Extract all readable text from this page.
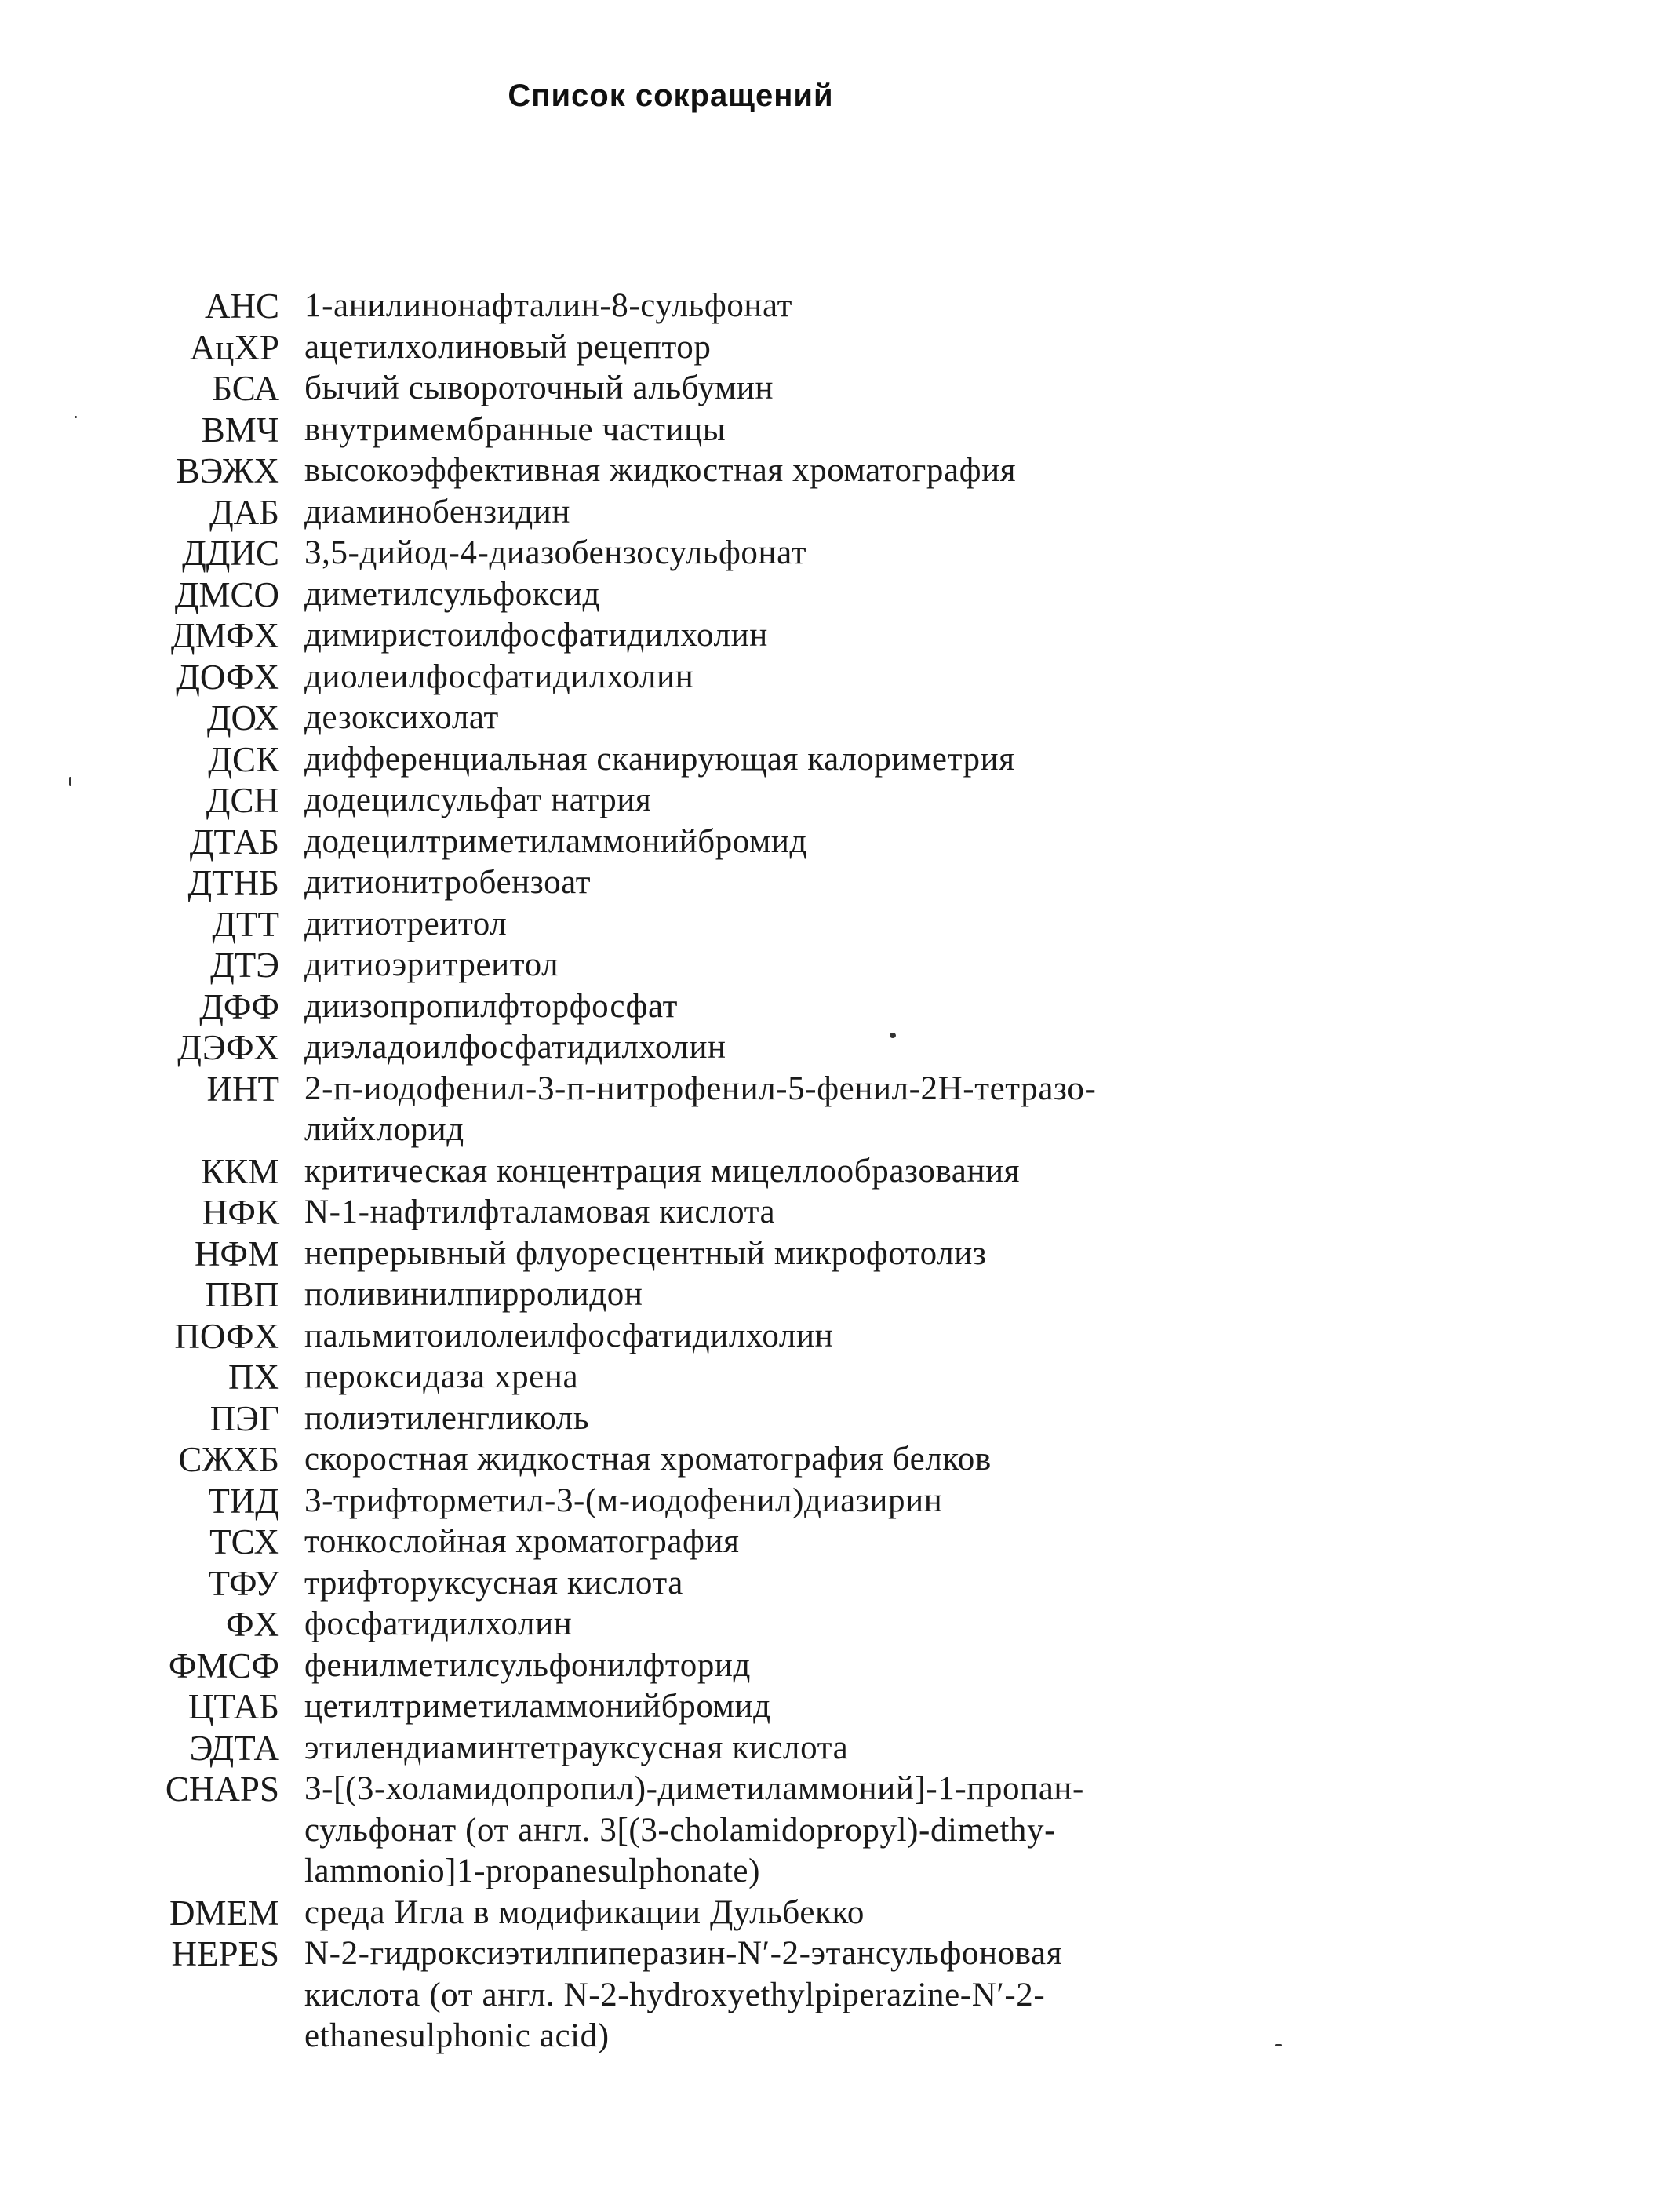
Список сокращений
АНС 1-анилинонафталин-8-сульфонат
АцХР ацетилхолиновый рецептор
БСА бычий сывороточный альбумин
ВМЧ внутримембранные частицы
ВЭЖХ высокоэффективная жидкостная хроматография
ДАБ диаминобензидин
ДДИС 3,5-дийод-4-диазобензосульфонат
ДМСО диметилсульфоксид
ДМФХ димиристоилфосфатидилхолин
ДОФХ диолеилфосфатидилхолин
ДОХ дезоксихолат
ДСК дифференциальная сканирующая калориметрия
ДСН додецилсульфат натрия
ДТАБ додецилтриметиламмонийбромид
ДТНБ дитионитробензоат
ДТТ дитиотреитол
ДТЭ дитиоэритреитол
ДФФ диизопропилфторфосфат
ДЭФХ диэладоилфосфатидилхолин
ИНТ 2-п-иодофенил-3-п-нитрофенил-5-фенил-2Н-тетразо-
лийхлорид
ККМ критическая концентрация мицеллообразования
НФК N-1-нафтилфталамовая кислота
НФМ непрерывный флуоресцентный микрофотолиз
ПВП поливинилпирролидон
ПОФХ пальмитоилолеилфосфатидилхолин
ПХ пероксидаза хрена
ПЭГ полиэтиленгликоль
СЖХБ скоростная жидкостная хроматография белков
ТИД 3-трифторметил-3-(м-иодофенил)диазирин
ТСХ тонкослойная хроматография
ТФУ трифторуксусная кислота
ФХ фосфатидилхолин
ФМСФ фенилметилсульфонилфторид
ЦТАБ цетилтриметиламмонийбромид
ЭДТА этилендиаминтетрауксусная кислота
CHAPS 3-[(3-холамидопропил)-диметиламмоний]-1-пропан-
сульфонат (от англ. 3[(3-cholamidopropyl)-dimethy-
lammonio]1-propanesulphonate)
DMEM среда Игла в модификации Дульбекко
HEPES N-2-гидроксиэтилпиперазин-N′-2-этансульфоновая
кислота (от англ. N-2-hydroxyethylpiperazine-N′-2-
ethanesulphonic acid)
